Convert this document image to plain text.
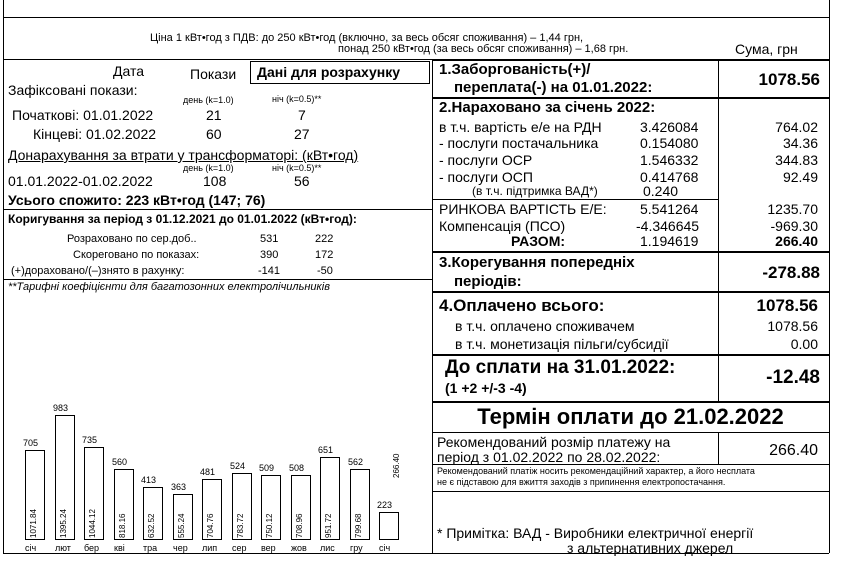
Ціна 1 кВт•год з ПДВ: до 250 кВт•год (включно, за весь обсяг споживання) – 1,44 грн,
понад 250 кВт•год (за весь обсяг споживання) – 1,68 грн.	Сума, грн
1.Заборгованість(+)/
переплата(-) на 01.01.2022:	1078.56
2.Нараховано за січень 2022:
в т.ч. вартість е/е на РДН	3.426084	764.02
- послуги постачальника	0.154080	34.36
- послуги ОСР	1.546332	344.83
- послуги ОСП	0.414768	92.49
(в т.ч. підтримка ВАД*)	0.240
РИНКОВА ВАРТІСТЬ Е/Е: 5.541264	1235.70
Компенсація (ПСО)	-4.346645	-969.30
РАЗОМ:	1.194619	266.40
3.Корегування попередніх
періодів:	-278.88
4.Оплачено всього:	1078.56
в т.ч. оплачено споживачем	1078.56
в т.ч. монетизація пільги/субсидії	0.00
До сплати на 31.01.2022:
(1 +2 +/-3 -4)	-12.48
Термін оплати до 21.02.2022
Рекомендований розмір платежу на
період з 01.02.2022 по 28.02.2022:	266.40
Рекомендований платіж носить рекомендаційний характер, а його несплата
не є підставою для вжиття заходів з припинення електропостачання.
* Примітка: ВАД - Виробники електричної енергії
з альтернативних джерел
Дата	Покази Дані для розрахунку
Зафіксовані покази:
день (k=1.0)	ніч (k=0.5)**
Початкові: 01.01.2022	21	7
Кінцеві: 01.02.2022	60	27
Донарахування за втрати у трансформаторі: (кВт•год)
день (k=1.0)	ніч (k=0.5)**
01.01.2022-01.02.2022	108	56
Усього спожито: 223 кВт•год (147; 76)
Коригування за період з 01.12.2021 до 01.01.2022 (кВт•год):
Розраховано по сер.доб..	531	222
Скореговано по показах:	390	172
(+)дораховано/(–)знято в рахунку:	-141	-50
**Тарифні коефіцієнти для багатозонних електролічильників
705
1071.84
січ
983
1395.24
лют
735
1044.12
бер
560
818.16
кві
413
632.52
тра
363
555.24
чер
481
704.76
лип
524
783.72
сер
509
750.12
вер
508
708.96
жов
651
951.72
лис
562
799.68
гру
223
266.40
січ
